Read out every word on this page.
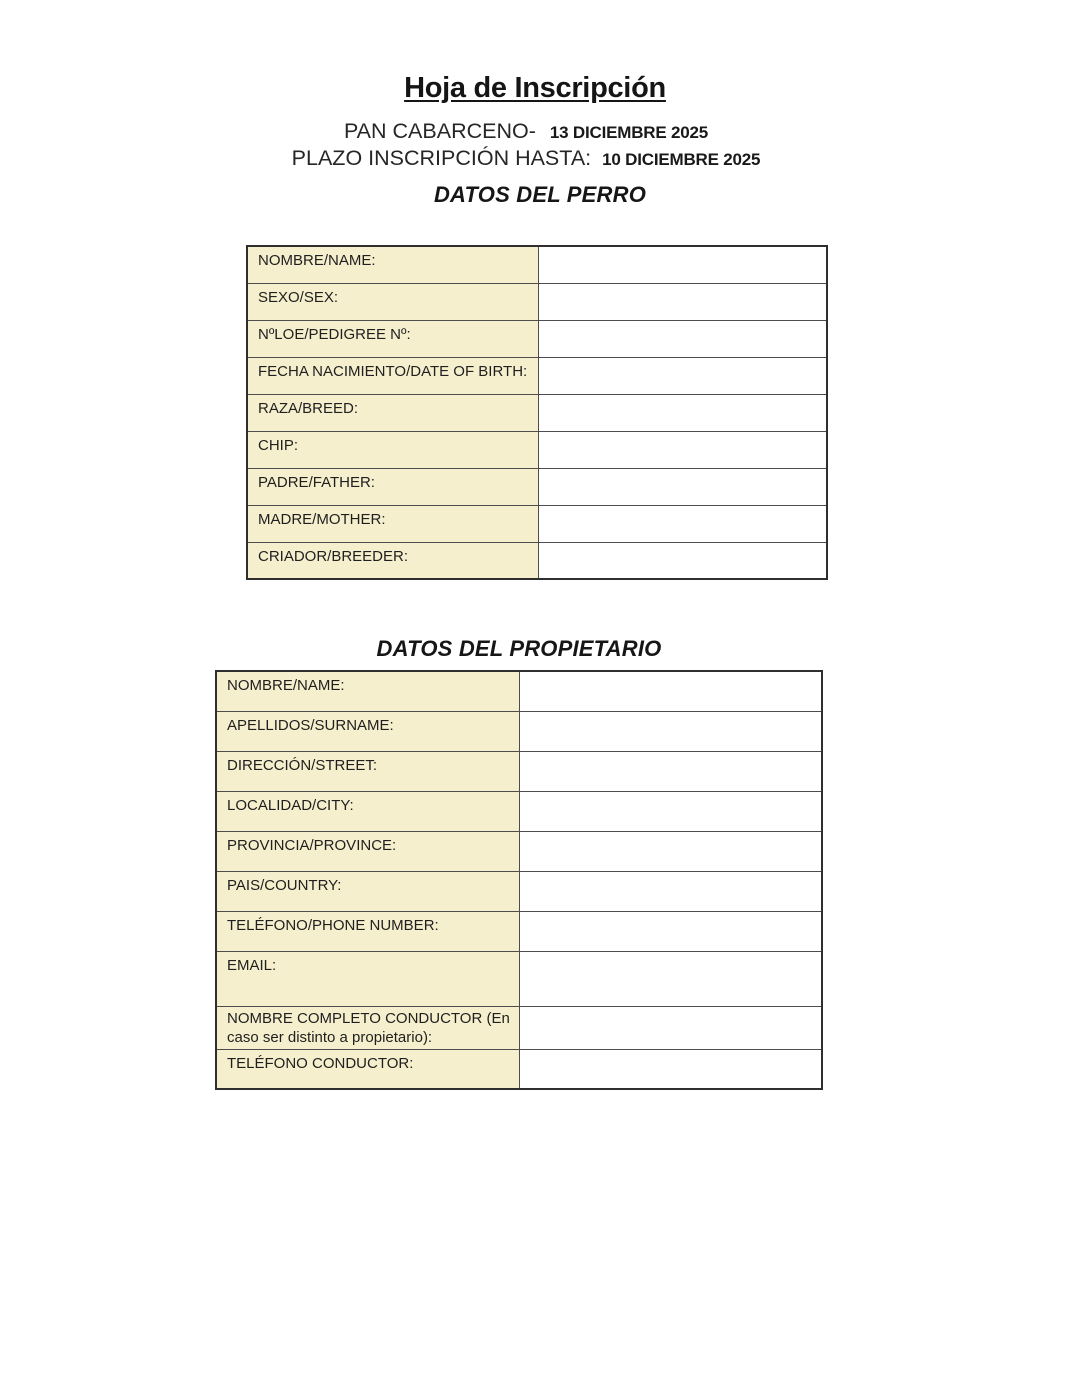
Hoja de Inscripción
PAN CABARCENO- 13 DICIEMBRE 2025
PLAZO INSCRIPCIÓN HASTA: 10 DICIEMBRE 2025
DATOS DEL PERRO
NOMBRE/NAME:	
SEXO/SEX:	
NºLOE/PEDIGREE Nº:	
FECHA NACIMIENTO/DATE OF BIRTH:	
RAZA/BREED:	
CHIP:	
PADRE/FATHER:	
MADRE/MOTHER:	
CRIADOR/BREEDER:	
DATOS DEL PROPIETARIO
NOMBRE/NAME:	
APELLIDOS/SURNAME:	
DIRECCIÓN/STREET:	
LOCALIDAD/CITY:	
PROVINCIA/PROVINCE:	
PAIS/COUNTRY:	
TELÉFONO/PHONE NUMBER:	
EMAIL:	
NOMBRE COMPLETO CONDUCTOR (En caso ser distinto a propietario):	
TELÉFONO CONDUCTOR:	
